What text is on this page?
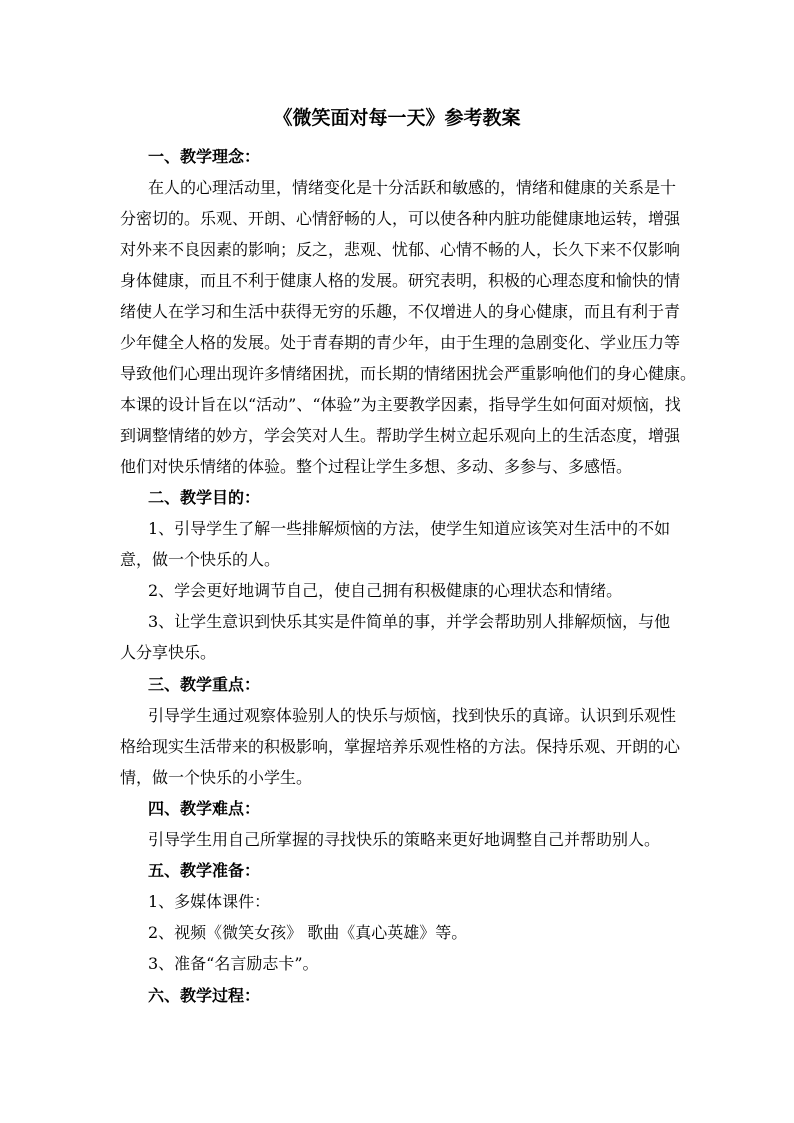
《微笑面对每一天》参考教案
一、教学理念：
在人的心理活动里，情绪变化是十分活跃和敏感的，情绪和健康的关系是十
分密切的。乐观、开朗、心情舒畅的人，可以使各种内脏功能健康地运转，增强
对外来不良因素的影响；反之，悲观、忧郁、心情不畅的人，长久下来不仅影响
身体健康，而且不利于健康人格的发展。研究表明，积极的心理态度和愉快的情
绪使人在学习和生活中获得无穷的乐趣，不仅增进人的身心健康，而且有利于青
少年健全人格的发展。处于青春期的青少年，由于生理的急剧变化、学业压力等
导致他们心理出现许多情绪困扰，而长期的情绪困扰会严重影响他们的身心健康。
本课的设计旨在以“活动”、“体验”为主要教学因素，指导学生如何面对烦恼，找
到调整情绪的妙方，学会笑对人生。帮助学生树立起乐观向上的生活态度，增强
他们对快乐情绪的体验。整个过程让学生多想、多动、多参与、多感悟。
二、教学目的：
1、引导学生了解一些排解烦恼的方法，使学生知道应该笑对生活中的不如
意，做一个快乐的人。
2、学会更好地调节自己，使自己拥有积极健康的心理状态和情绪。
3、让学生意识到快乐其实是件简单的事，并学会帮助别人排解烦恼，与他
人分享快乐。
三、教学重点：
引导学生通过观察体验别人的快乐与烦恼，找到快乐的真谛。认识到乐观性
格给现实生活带来的积极影响，掌握培养乐观性格的方法。保持乐观、开朗的心
情，做一个快乐的小学生。
四、教学难点：
引导学生用自己所掌握的寻找快乐的策略来更好地调整自己并帮助别人。
五、教学准备：
1、多媒体课件：
2、视频《微笑女孩》 歌曲《真心英雄》等。
3、准备“名言励志卡”。
六、教学过程：
